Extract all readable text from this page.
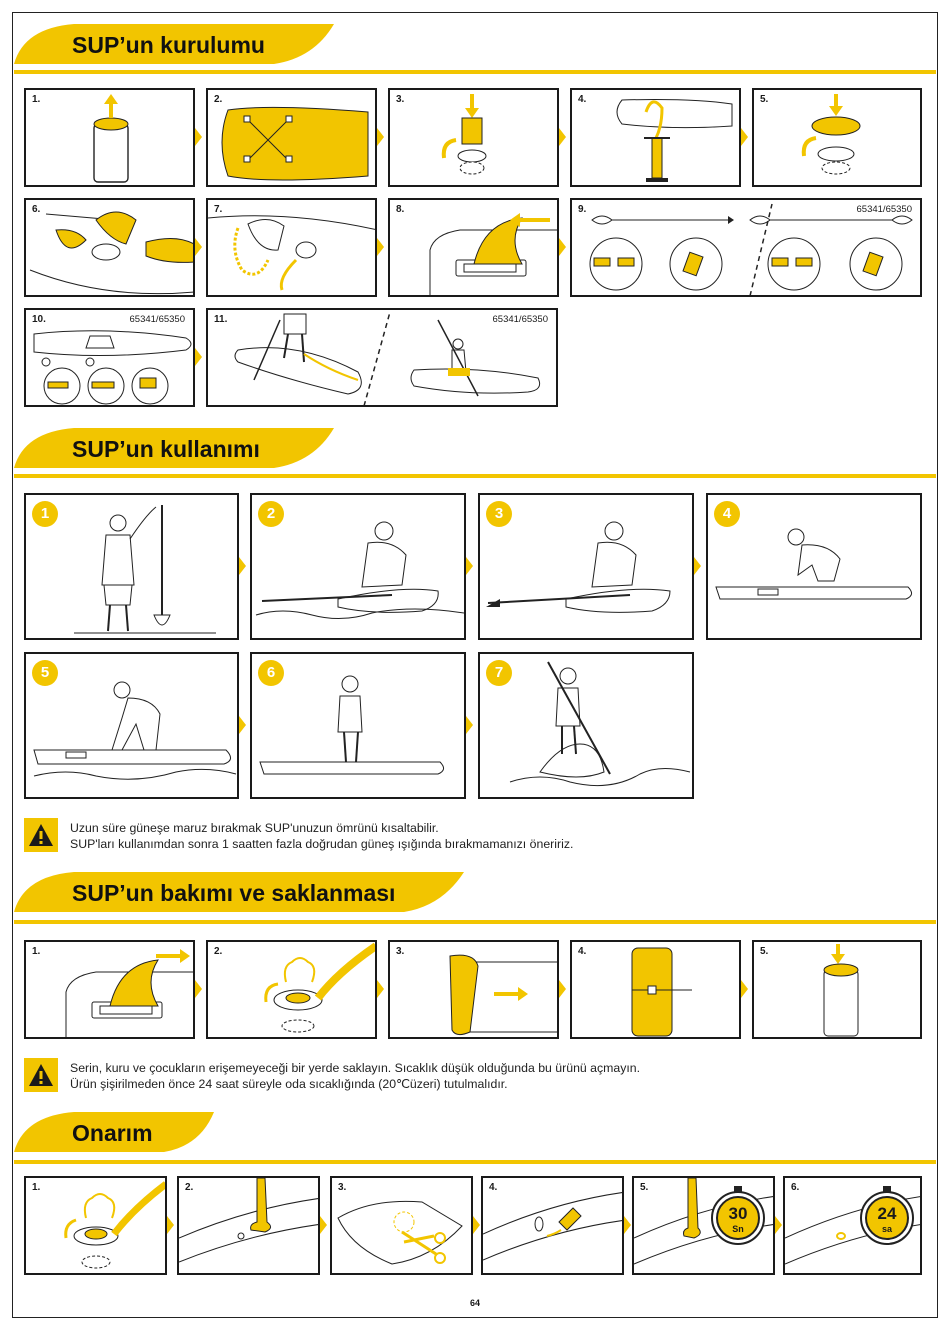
SUP’un kurulumu
1.	2.	3.	4.	5.
6.	7.	8.	9.	65341/65350
10.	65341/65350	11.	65341/65350
SUP’un kullanımı
1	2	3	4
5	6	7
Uzun süre güneşe maruz bırakmak SUP'unuzun ömrünü kısaltabilir.
SUP'ları kullanımdan sonra 1 saatten fazla doğrudan güneş ışığında bırakmamanızı öneririz.
SUP’un bakımı ve saklanması
1.	2.	3.	4.	5.
Serin, kuru ve çocukların erişemeyeceği bir yerde saklayın. Sıcaklık düşük olduğunda bu ürünü açmayın.
Ürün şişirilmeden önce 24 saat süreyle oda sıcaklığında (20℃üzeri) tutulmalıdır.
Onarım
1.	2.	3.	4.	5.
30
Sn
6.
24
sa
64
